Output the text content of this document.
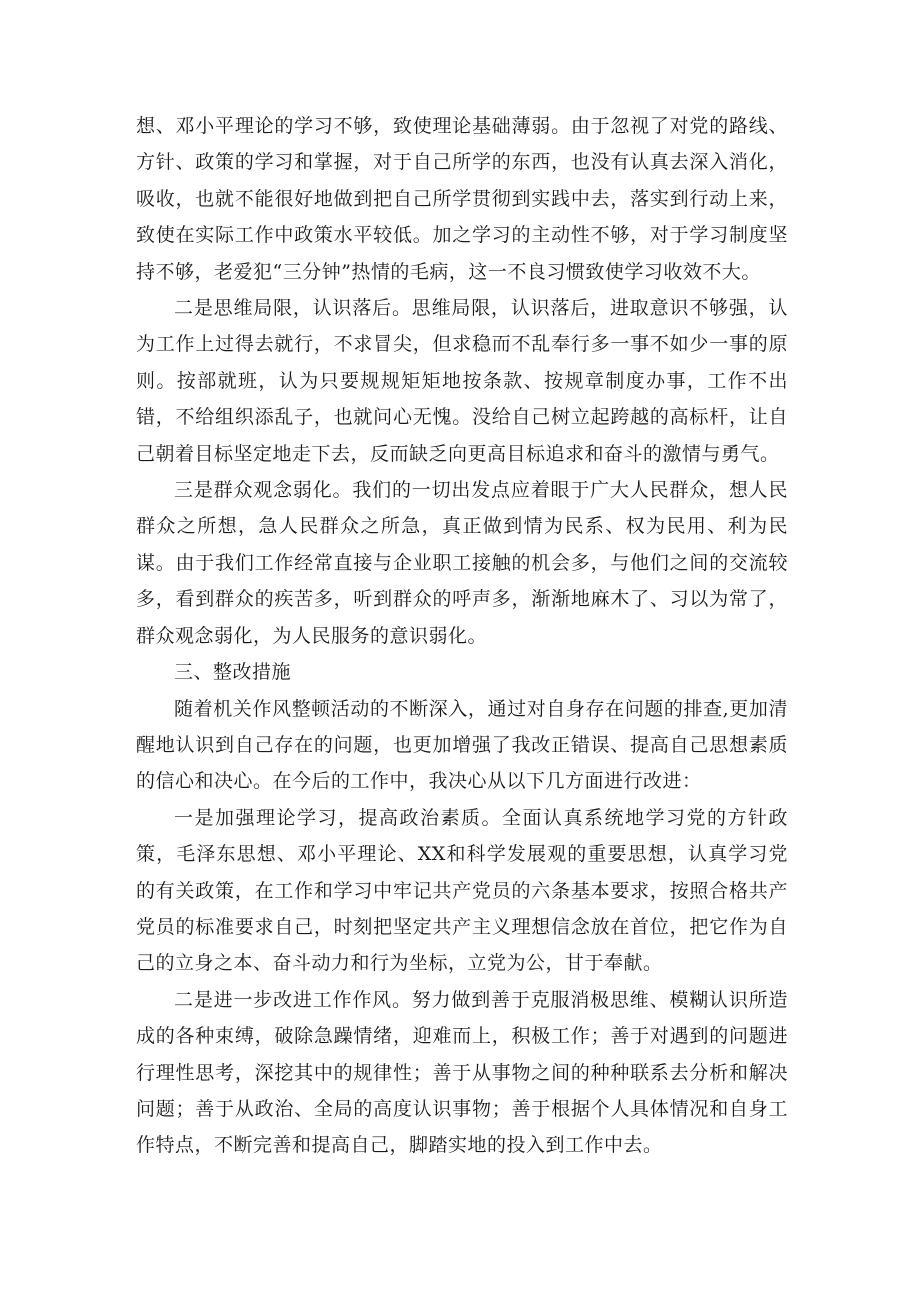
想、邓小平理论的学习不够，致使理论基础薄弱。由于忽视了对党的路线、方针、政策的学习和掌握，对于自己所学的东西，也没有认真去深入消化，吸收，也就不能很好地做到把自己所学贯彻到实践中去，落实到行动上来，致使在实际工作中政策水平较低。加之学习的主动性不够，对于学习制度坚持不够，老爱犯“三分钟”热情的毛病，这一不良习惯致使学习收效不大。

二是思维局限，认识落后。思维局限，认识落后，进取意识不够强，认为工作上过得去就行，不求冒尖，但求稳而不乱奉行多一事不如少一事的原则。按部就班，认为只要规规矩矩地按条款、按规章制度办事，工作不出错，不给组织添乱子，也就问心无愧。没给自己树立起跨越的高标杆，让自己朝着目标坚定地走下去，反而缺乏向更高目标追求和奋斗的激情与勇气。

三是群众观念弱化。我们的一切出发点应着眼于广大人民群众，想人民群众之所想，急人民群众之所急，真正做到情为民系、权为民用、利为民谋。由于我们工作经常直接与企业职工接触的机会多，与他们之间的交流较多，看到群众的疾苦多，听到群众的呼声多，渐渐地麻木了、习以为常了，群众观念弱化，为人民服务的意识弱化。

三、整改措施

随着机关作风整顿活动的不断深入，通过对自身存在问题的排查,更加清醒地认识到自己存在的问题，也更加增强了我改正错误、提高自己思想素质的信心和决心。在今后的工作中，我决心从以下几方面进行改进：

一是加强理论学习，提高政治素质。全面认真系统地学习党的方针政策，毛泽东思想、邓小平理论、XX和科学发展观的重要思想，认真学习党的有关政策，在工作和学习中牢记共产党员的六条基本要求，按照合格共产党员的标准要求自己，时刻把坚定共产主义理想信念放在首位，把它作为自己的立身之本、奋斗动力和行为坐标，立党为公，甘于奉献。

二是进一步改进工作作风。努力做到善于克服消极思维、模糊认识所造成的各种束缚，破除急躁情绪，迎难而上，积极工作；善于对遇到的问题进行理性思考，深挖其中的规律性；善于从事物之间的种种联系去分析和解决问题；善于从政治、全局的高度认识事物；善于根据个人具体情况和自身工作特点，不断完善和提高自己，脚踏实地的投入到工作中去。
